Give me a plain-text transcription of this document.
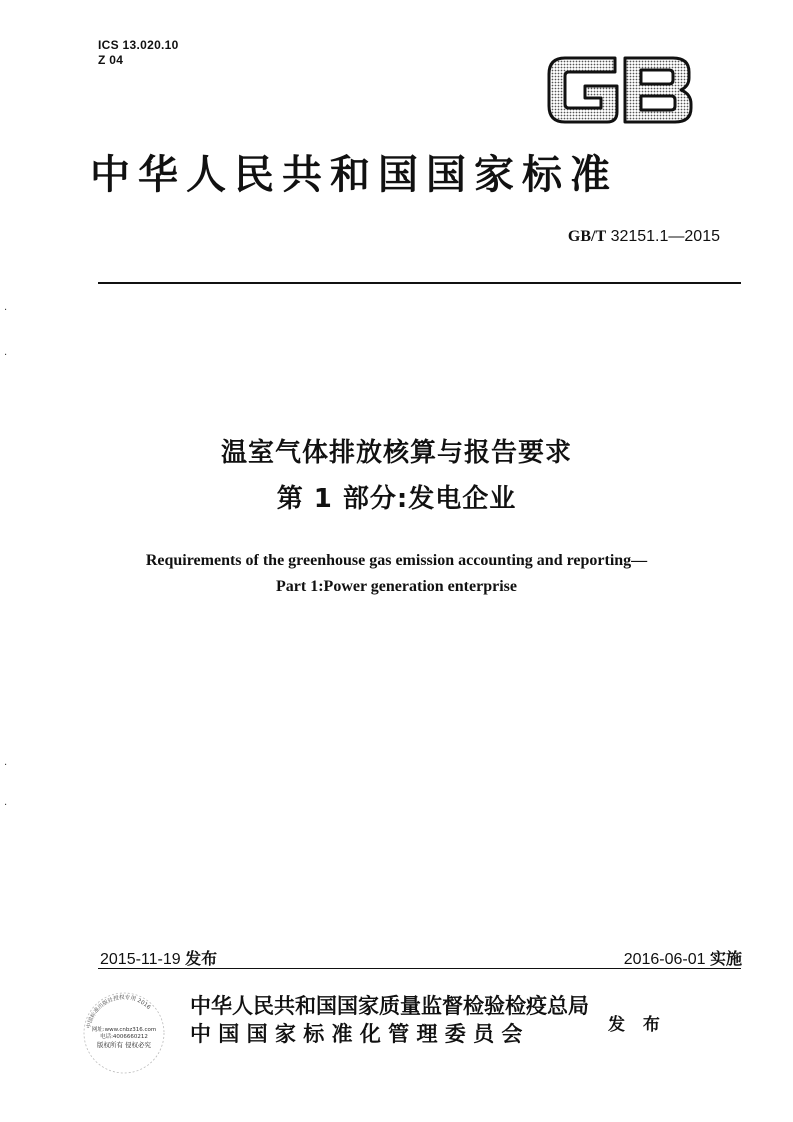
ICS 13.020.10
Z 04
中华人民共和国国家标准
GB/T 32151.1—2015
·
·
·
·
温室气体排放核算与报告要求
第 1 部分:发电企业
Requirements of the greenhouse gas emission accounting and reporting—
Part 1:Power generation enterprise
2015-11-19 发布	2016-06-01 实施
中国标准出版社授权专用 2016
网址:www.cnbz316.com
电话:4006660212
版权所有 侵权必究
中华人民共和国国家质量监督检验检疫总局
中 国 国 家 标 准 化 管 理 委 员 会	发 布
